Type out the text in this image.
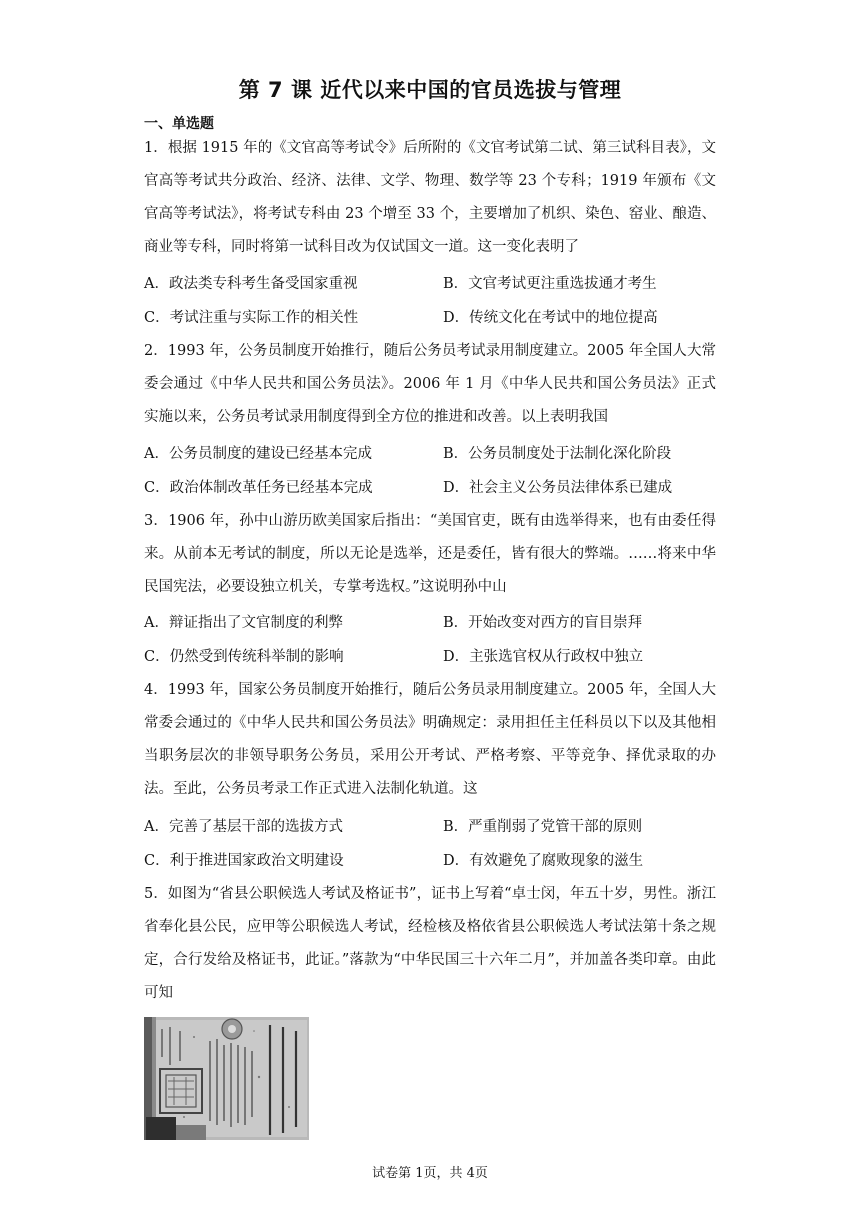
第 7 课 近代以来中国的官员选拔与管理
一、单选题

1．根据 1915 年的《文官高等考试令》后所附的《文官考试第二试、第三试科目表》，文官高等考试共分政治、经济、法律、文学、物理、数学等 23 个专科；1919 年颁布《文官高等考试法》，将考试专科由 23 个增至 33 个，主要增加了机织、染色、窑业、酿造、商业等专科，同时将第一试科目改为仅试国文一道。这一变化表明了

A．政法类专科考生备受国家重视	B．文官考试更注重选拔通才考生
C．考试注重与实际工作的相关性	D．传统文化在考试中的地位提高

2．1993 年，公务员制度开始推行，随后公务员考试录用制度建立。2005 年全国人大常委会通过《中华人民共和国公务员法》。2006 年 1 月《中华人民共和国公务员法》正式实施以来，公务员考试录用制度得到全方位的推进和改善。以上表明我国

A．公务员制度的建设已经基本完成	B．公务员制度处于法制化深化阶段
C．政治体制改革任务已经基本完成	D．社会主义公务员法律体系已建成

3．1906 年，孙中山游历欧美国家后指出：“美国官吏，既有由选举得来，也有由委任得来。从前本无考试的制度，所以无论是选举，还是委任，皆有很大的弊端。……将来中华民国宪法，必要设独立机关，专掌考选权。”这说明孙中山

A．辩证指出了文官制度的利弊	B．开始改变对西方的盲目崇拜
C．仍然受到传统科举制的影响	D．主张选官权从行政权中独立

4．1993 年，国家公务员制度开始推行，随后公务员录用制度建立。2005 年，全国人大常委会通过的《中华人民共和国公务员法》明确规定：录用担任主任科员以下以及其他相当职务层次的非领导职务公务员，采用公开考试、严格考察、平等竞争、择优录取的办法。至此，公务员考录工作正式进入法制化轨道。这

A．完善了基层干部的选拔方式	B．严重削弱了党管干部的原则
C．利于推进国家政治文明建设	D．有效避免了腐败现象的滋生

5．如图为“省县公职候选人考试及格证书”，证书上写着“卓士闵，年五十岁，男性。浙江省奉化县公民，应甲等公职候选人考试，经检核及格依省县公职候选人考试法第十条之规定，合行发给及格证书，此证。”落款为“中华民国三十六年二月”，并加盖各类印章。由此可知

试卷第 1页，共 4页
